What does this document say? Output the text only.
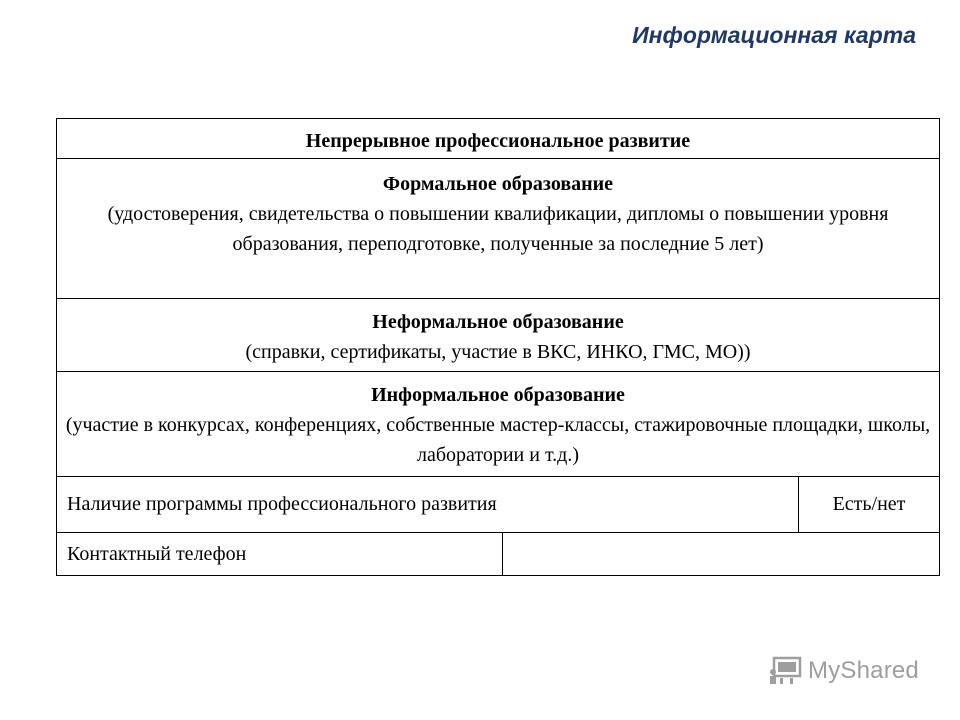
Информационная карта
Непрерывное профессиональное развитие
Формальное образование
(удостоверения, свидетельства о повышении квалификации, дипломы о повышении уровня образования, переподготовке, полученные за последние 5 лет)
Неформальное образование
(справки, сертификаты, участие в ВКС, ИНКО, ГМС, МО))
Информальное образование
(участие в конкурсах, конференциях, собственные мастер-классы, стажировочные площадки, школы, лаборатории и т.д.)
Наличие программы профессионального развития	Есть/нет
Контактный телефон
MyShared
